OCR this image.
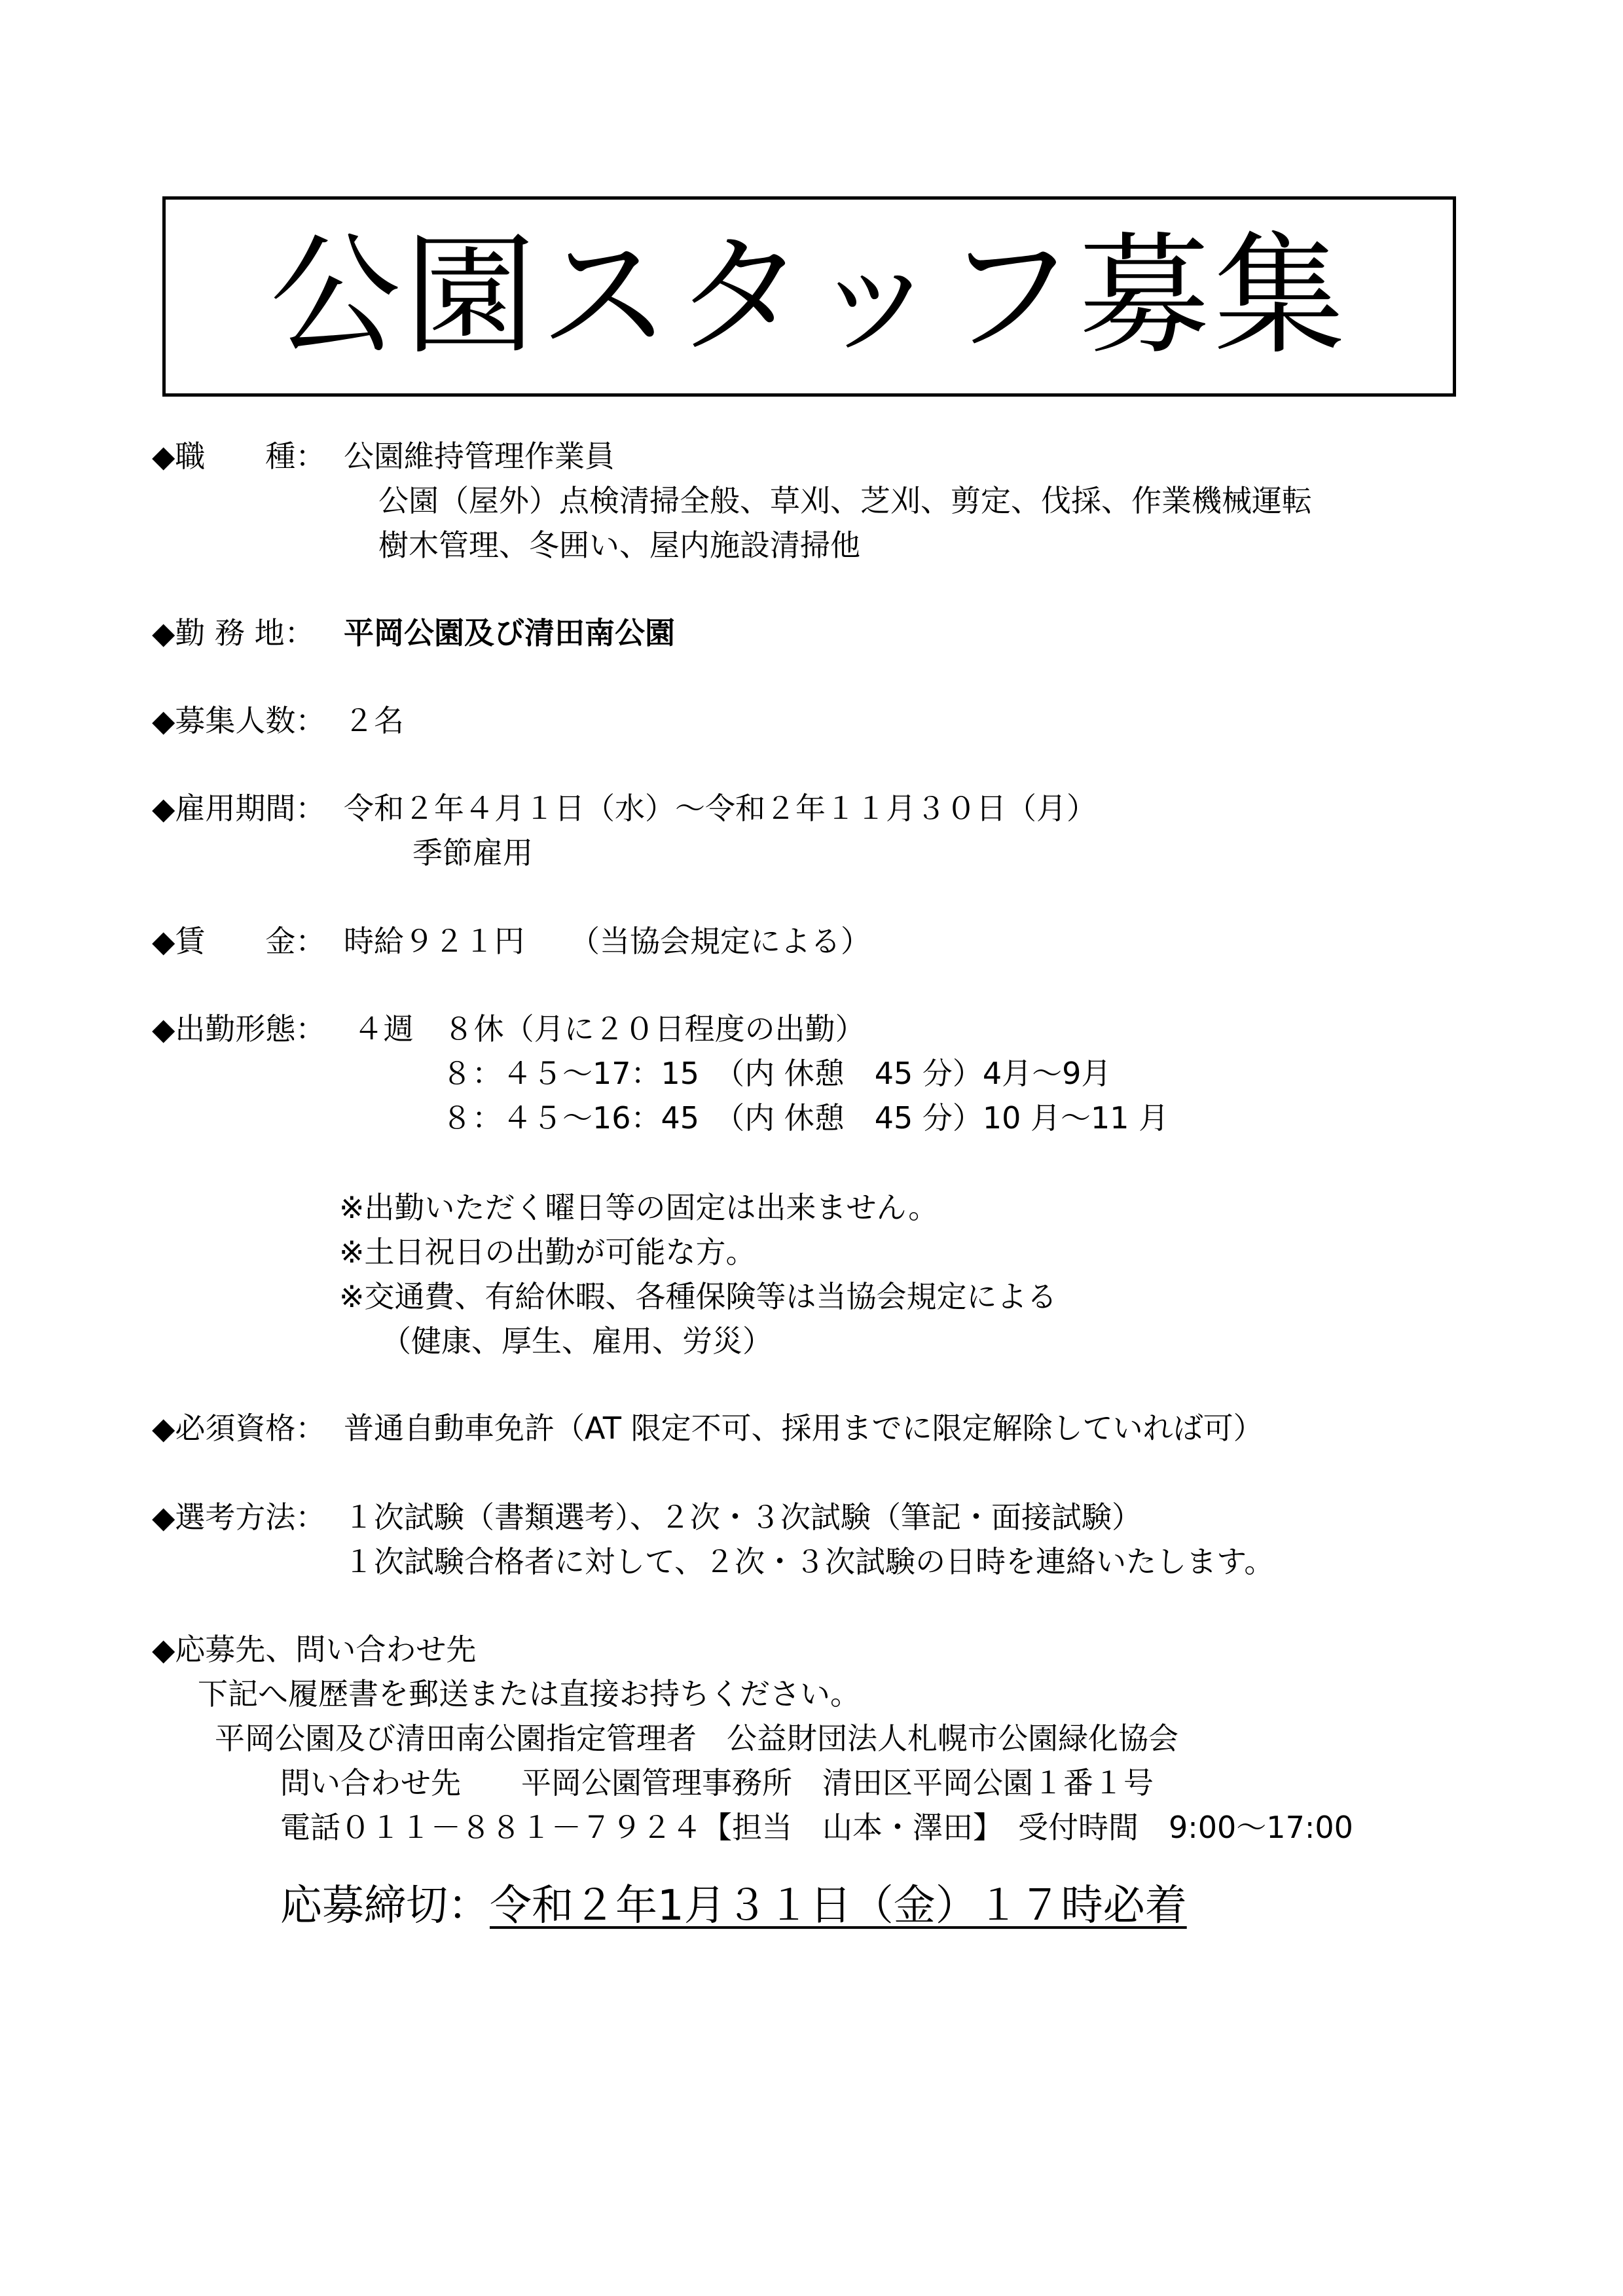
公園スタッフ募集
◆職　　種： 公園維持管理作業員
公園（屋外）点検清掃全般、草刈、芝刈、剪定、伐採、作業機械運転
樹木管理、冬囲い、屋内施設清掃他
◆勤 務 地： 平岡公園及び清田南公園
◆募集人数： ２名
◆雇用期間： 令和２年４月１日（水）～令和２年１１月３０日（月）
季節雇用
◆賃　　金： 時給９２１円　　（当協会規定による）
◆出勤形態： ４週　８休（月に２０日程度の出勤）
８：４５～17：15　（内 休憩　45 分）4月～9月
８：４５～16：45　（内 休憩　45 分）10 月～11 月
※出勤いただく曜日等の固定は出来ません。
※土日祝日の出勤が可能な方。
※交通費、有給休暇、各種保険等は当協会規定による
（健康、厚生、雇用、労災）
◆必須資格： 普通自動車免許（AT 限定不可、採用までに限定解除していれば可）
◆選考方法： １次試験（書類選考）、２次・３次試験（筆記・面接試験）
１次試験合格者に対して、２次・３次試験の日時を連絡いたします。
◆応募先、問い合わせ先
下記へ履歴書を郵送または直接お持ちください。
平岡公園及び清田南公園指定管理者　公益財団法人札幌市公園緑化協会
問い合わせ先　　平岡公園管理事務所　清田区平岡公園１番１号
電話０１１－８８１－７９２４【担当　山本・澤田】　受付時間　9:00～17:00
応募締切：令和２年1月３１日（金）１７時必着
